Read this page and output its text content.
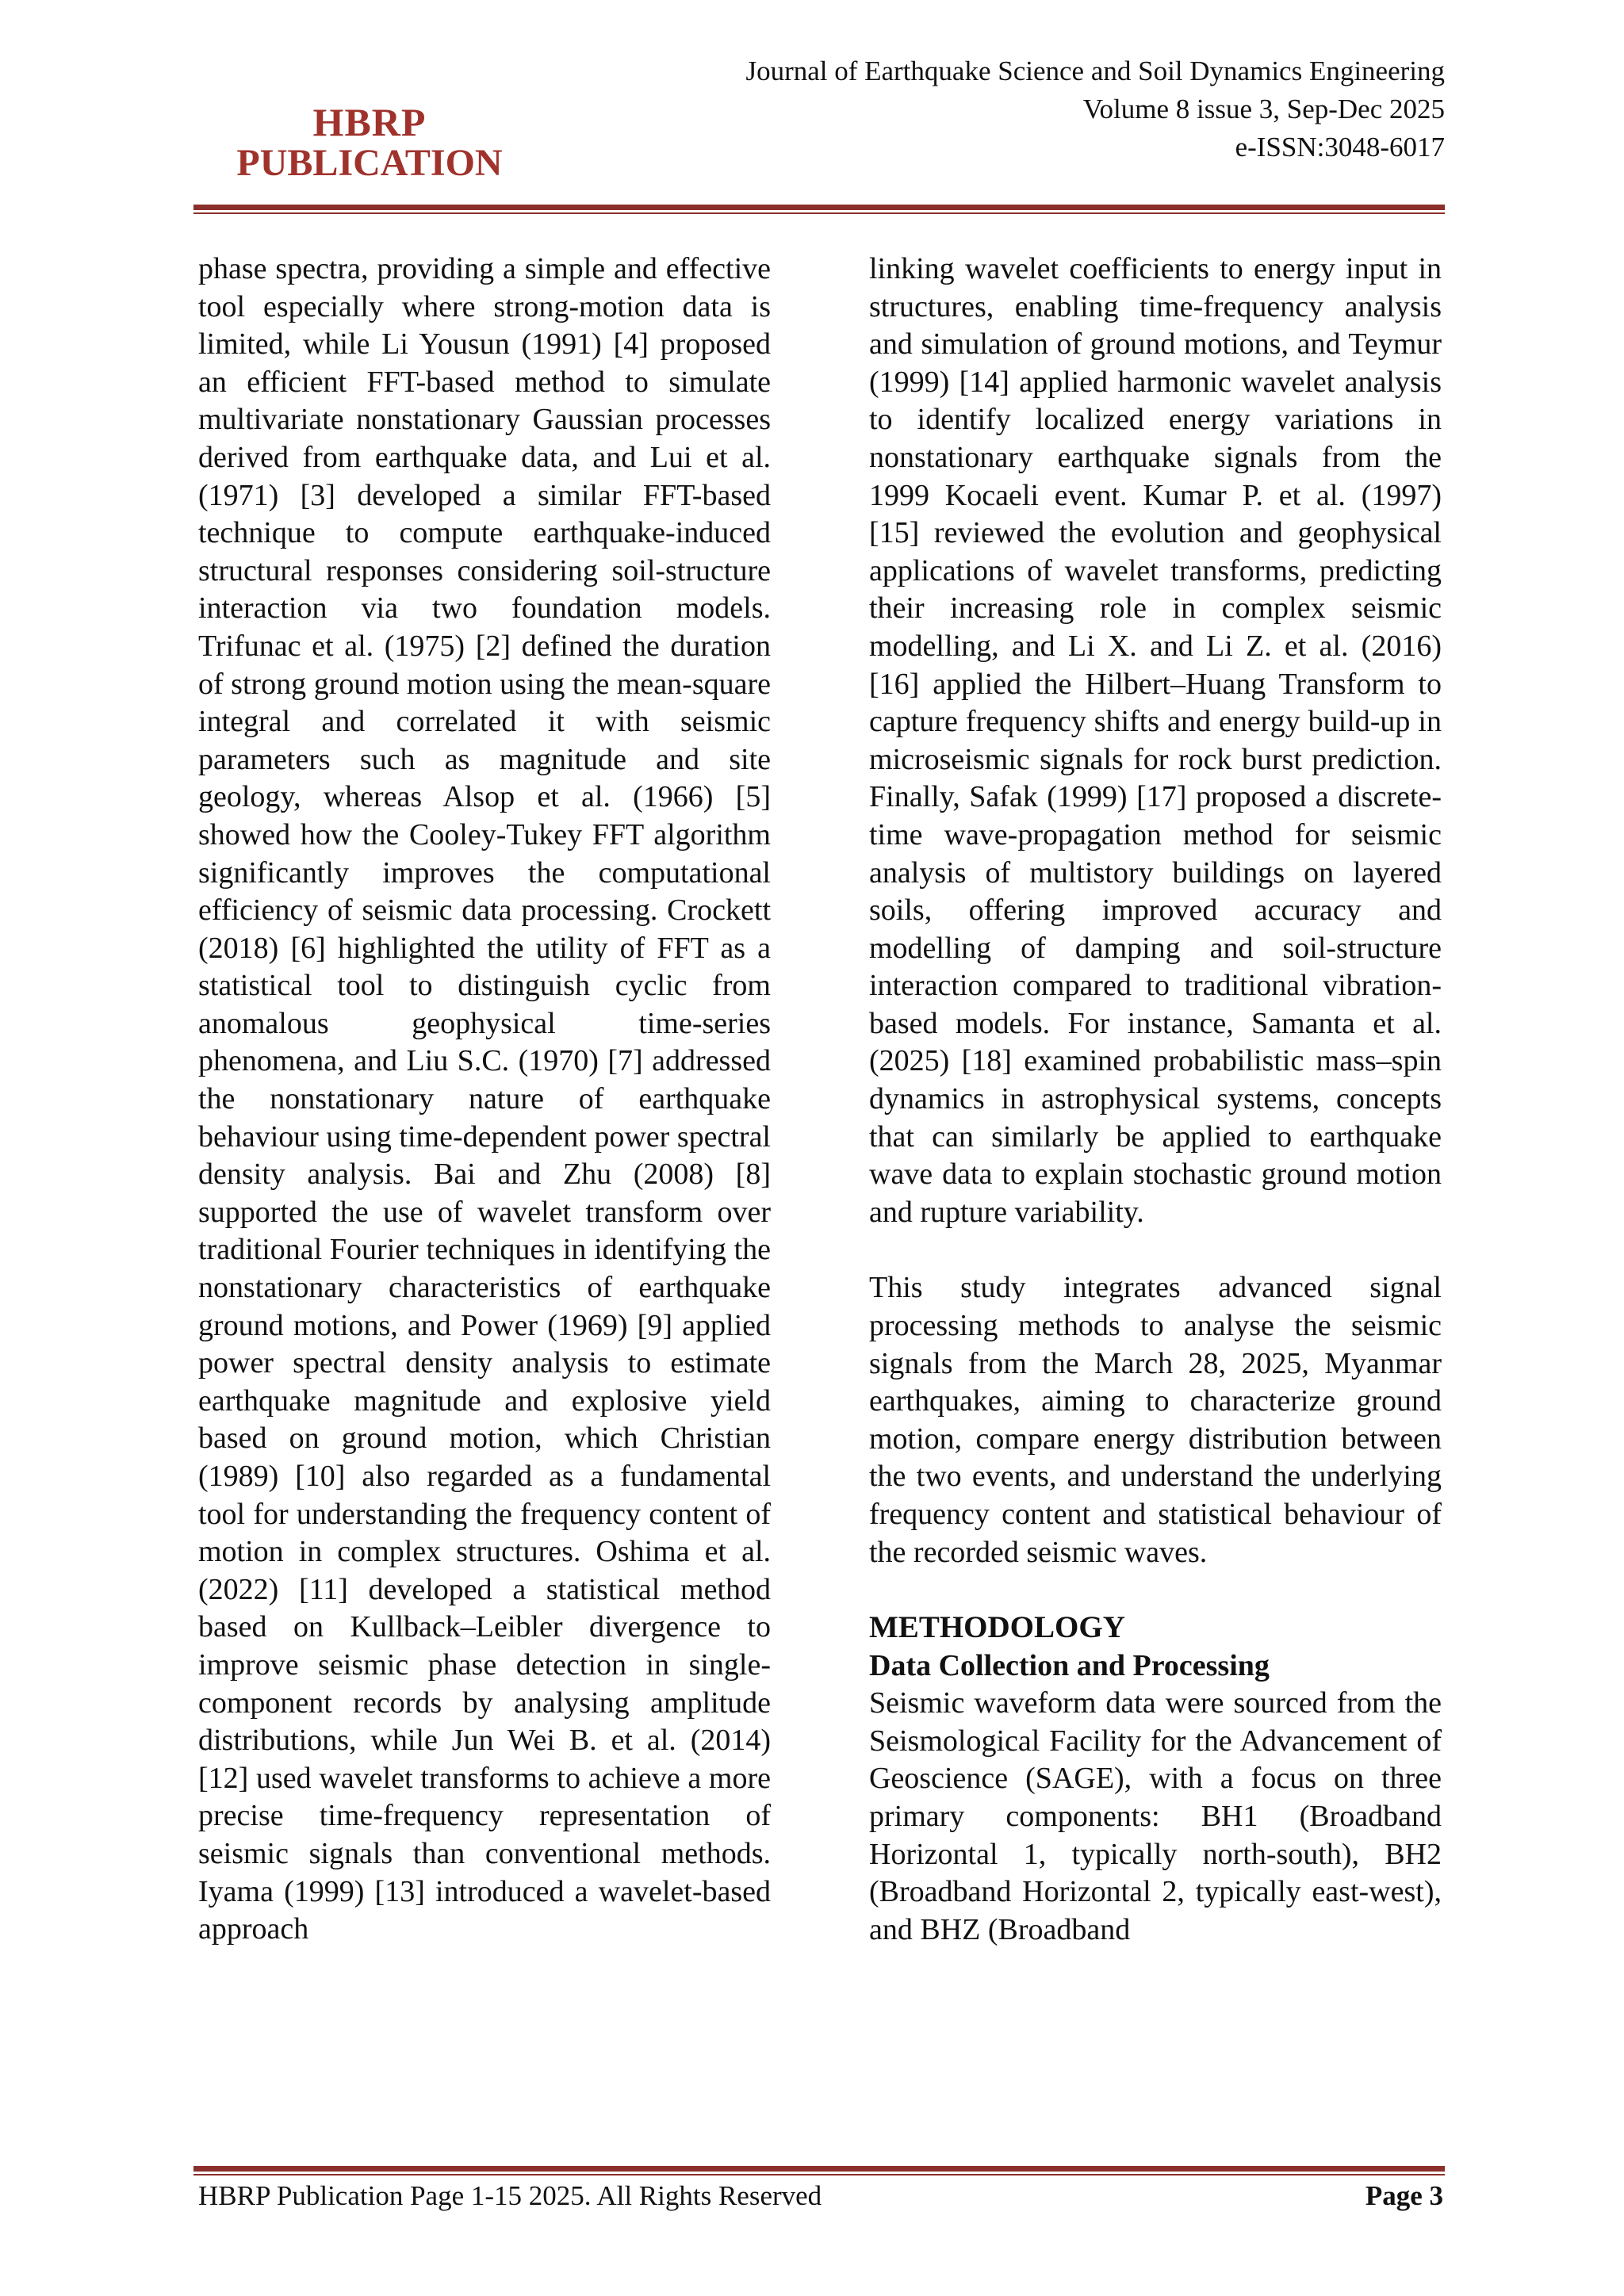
HBRP
PUBLICATION
Journal of Earthquake Science and Soil Dynamics Engineering
Volume 8 issue 3, Sep-Dec 2025
e-ISSN:3048-6017

phase spectra, providing a simple and effective tool especially where strong-motion data is limited, while Li Yousun (1991) [4] proposed an efficient FFT-based method to simulate multivariate nonstationary Gaussian processes derived from earthquake data, and Lui et al. (1971) [3] developed a similar FFT-based technique to compute earthquake-induced structural responses considering soil-structure interaction via two foundation models. Trifunac et al. (1975) [2] defined the duration of strong ground motion using the mean-square integral and correlated it with seismic parameters such as magnitude and site geology, whereas Alsop et al. (1966) [5] showed how the Cooley-Tukey FFT algorithm significantly improves the computational efficiency of seismic data processing. Crockett (2018) [6] highlighted the utility of FFT as a statistical tool to distinguish cyclic from anomalous geophysical time-series phenomena, and Liu S.C. (1970) [7] addressed the nonstationary nature of earthquake behaviour using time-dependent power spectral density analysis. Bai and Zhu (2008) [8] supported the use of wavelet transform over traditional Fourier techniques in identifying the nonstationary characteristics of earthquake ground motions, and Power (1969) [9] applied power spectral density analysis to estimate earthquake magnitude and explosive yield based on ground motion, which Christian (1989) [10] also regarded as a fundamental tool for understanding the frequency content of motion in complex structures. Oshima et al. (2022) [11] developed a statistical method based on Kullback–Leibler divergence to improve seismic phase detection in single-component records by analysing amplitude distributions, while Jun Wei B. et al. (2014) [12] used wavelet transforms to achieve a more precise time-frequency representation of seismic signals than conventional methods. Iyama (1999) [13] introduced a wavelet-based approach

linking wavelet coefficients to energy input in structures, enabling time-frequency analysis and simulation of ground motions, and Teymur (1999) [14] applied harmonic wavelet analysis to identify localized energy variations in nonstationary earthquake signals from the 1999 Kocaeli event. Kumar P. et al. (1997) [15] reviewed the evolution and geophysical applications of wavelet transforms, predicting their increasing role in complex seismic modelling, and Li X. and Li Z. et al. (2016) [16] applied the Hilbert–Huang Transform to capture frequency shifts and energy build-up in microseismic signals for rock burst prediction. Finally, Safak (1999) [17] proposed a discrete-time wave-propagation method for seismic analysis of multistory buildings on layered soils, offering improved accuracy and modelling of damping and soil-structure interaction compared to traditional vibration-based models. For instance, Samanta et al. (2025) [18] examined probabilistic mass–spin dynamics in astrophysical systems, concepts that can similarly be applied to earthquake wave data to explain stochastic ground motion and rupture variability.

This study integrates advanced signal processing methods to analyse the seismic signals from the March 28, 2025, Myanmar earthquakes, aiming to characterize ground motion, compare energy distribution between the two events, and understand the underlying frequency content and statistical behaviour of the recorded seismic waves.

METHODOLOGY
Data Collection and Processing

Seismic waveform data were sourced from the Seismological Facility for the Advancement of Geoscience (SAGE), with a focus on three primary components: BH1 (Broadband Horizontal 1, typically north-south), BH2 (Broadband Horizontal 2, typically east-west), and BHZ (Broadband

HBRP Publication Page 1-15 2025. All Rights Reserved	Page 3
